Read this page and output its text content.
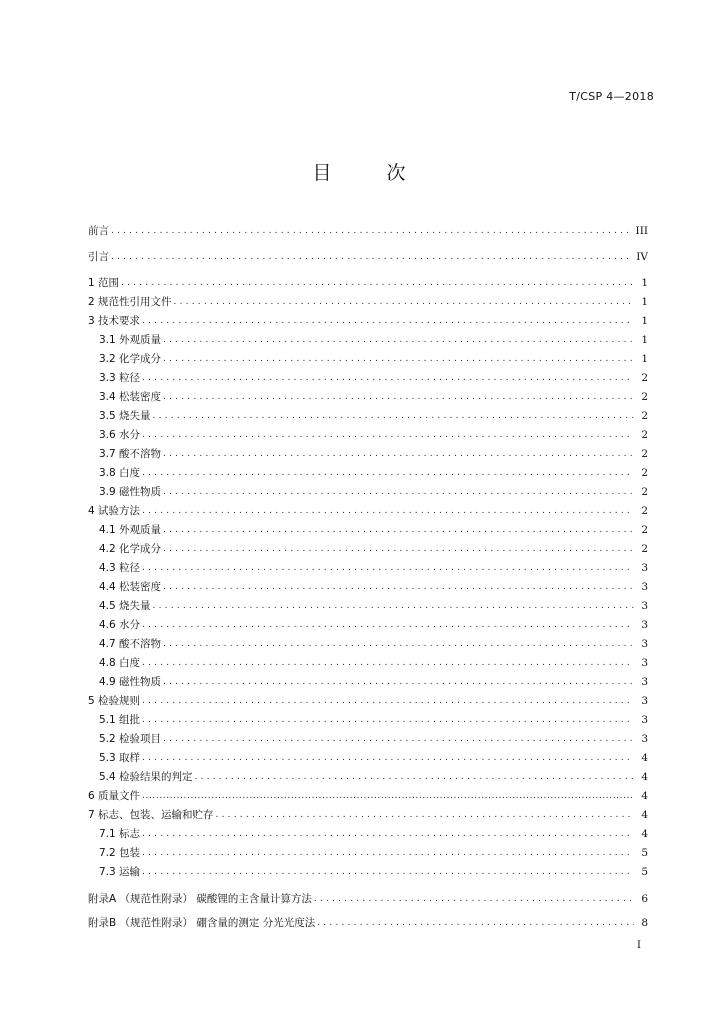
T/CSP 4—2018
目　次
前言 .....	III
引言 .....	IV
1 范围 .....	1
2 规范性引用文件 .....	1
3 技术要求 .....	1
3.1 外观质量 .....	1
3.2 化学成分 .....	1
3.3 粒径 .....	2
3.4 松装密度 .....	2
3.5 烧失量 .....	2
3.6 水分 .....	2
3.7 酸不溶物 .....	2
3.8 白度 .....	2
3.9 磁性物质 .....	2
4 试验方法 .....	2
4.1 外观质量 .....	2
4.2 化学成分 .....	2
4.3 粒径 .....	3
4.4 松装密度 .....	3
4.5 烧失量 .....	3
4.6 水分 .....	3
4.7 酸不溶物 .....	3
4.8 白度 .....	3
4.9 磁性物质 .....	3
5 检验规则 .....	3
5.1 组批 .....	3
5.2 检验项目 .....	3
5.3 取样 .....	4
5.4 检验结果的判定 .....	4
6 质量文件 .....	4
7 标志、包装、运输和贮存 .....	4
7.1 标志 .....	4
7.2 包装 .....	5
7.3 运输 .....	5
附录A （规范性附录） 碳酸锂的主含量计算方法 .....	6
附录B （规范性附录） 硼含量的测定 分光光度法 .....	8
I
